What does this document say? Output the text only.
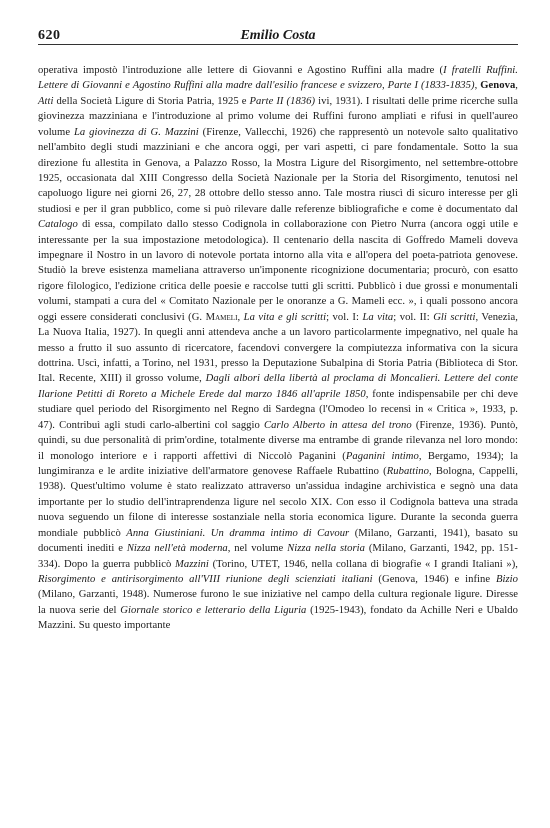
620	Emilio Costa

operativa impostò l'introduzione alle lettere di Giovanni e Agostino Ruffini alla madre (I fratelli Ruffini. Lettere di Giovanni e Agostino Ruffini alla madre dall'esilio francese e svizzero, Parte I (1833-1835), Genova, Atti della Società Ligure di Storia Patria, 1925 e Parte II (1836) ivi, 1931). I risultati delle prime ricerche sulla giovinezza mazziniana e l'introduzione al primo volume dei Ruffini furono ampliati e rifusi in quell'aureo volume La giovinezza di G. Mazzini (Firenze, Vallecchi, 1926) che rappresentò un notevole salto qualitativo nell'ambito degli studi mazziniani e che ancora oggi, per vari aspetti, ci pare fondamentale. Sotto la sua direzione fu allestita in Genova, a Palazzo Rosso, la Mostra Ligure del Risorgimento, nel settembre-ottobre 1925, occasionata dal XIII Congresso della Società Nazionale per la Storia del Risorgimento, tenutosi nel capoluogo ligure nei giorni 26, 27, 28 ottobre dello stesso anno. Tale mostra riuscì di sicuro interesse per gli studiosi e per il gran pubblico, come si può rilevare dalle referenze bibliografiche e come è documentato dal Catalogo di essa, compilato dallo stesso Codignola in collaborazione con Pietro Nurra (ancora oggi utile e interessante per la sua impostazione metodologica). Il centenario della nascita di Goffredo Mameli doveva impegnare il Nostro in un lavoro di notevole portata intorno alla vita e all'opera del poeta-patriota genovese. Studiò la breve esistenza mameliana attraverso un'imponente ricognizione documentaria; procurò, con esatto rigore filologico, l'edizione critica delle poesie e raccolse tutti gli scritti. Pubblicò i due grossi e monumentali volumi, stampati a cura del « Comitato Nazionale per le onoranze a G. Mameli ecc. », i quali possono ancora oggi essere considerati conclusivi (G. Mameli, La vita e gli scritti; vol. I: La vita; vol. II: Gli scritti, Venezia, La Nuova Italia, 1927). In quegli anni attendeva anche a un lavoro particolarmente impegnativo, nel quale ha messo a frutto il suo assunto di ricercatore, facendovi convergere la compiutezza informativa con la sicura dottrina. Uscì, infatti, a Torino, nel 1931, presso la Deputazione Subalpina di Storia Patria (Biblioteca di Stor. Ital. Recente, XIII) il grosso volume, Dagli albori della libertà al proclama di Moncalieri. Lettere del conte Ilarione Petitti di Roreto a Michele Erede dal marzo 1846 all'aprile 1850, fonte indispensabile per chi deve studiare quel periodo del Risorgimento nel Regno di Sardegna (l'Omodeo lo recensì in « Critica », 1933, p. 47). Contribuì agli studi carlo-albertini col saggio Carlo Alberto in attesa del trono (Firenze, 1936). Puntò, quindi, su due personalità di prim'ordine, totalmente diverse ma entrambe di grande rilevanza nel loro mondo: il monologo interiore e i rapporti affettivi di Niccolò Paganini (Paganini intimo, Bergamo, 1934); la lungimiranza e le ardite iniziative dell'armatore genovese Raffaele Rubattino (Rubattino, Bologna, Cappelli, 1938). Quest'ultimo volume è stato realizzato attraverso un'assidua indagine archivistica e segnò una data importante per lo studio dell'intraprendenza ligure nel secolo XIX. Con esso il Codignola batteva una strada nuova seguendo un filone di interesse sostanziale nella storia economica ligure. Durante la seconda guerra mondiale pubblicò Anna Giustiniani. Un dramma intimo di Cavour (Milano, Garzanti, 1941), basato su documenti inediti e Nizza nell'età moderna, nel volume Nizza nella storia (Milano, Garzanti, 1942, pp. 151-334). Dopo la guerra pubblicò Mazzini (Torino, UTET, 1946, nella collana di biografie « I grandi Italiani »), Risorgimento e antirisorgimento all'VIII riunione degli scienziati italiani (Genova, 1946) e infine Bizio (Milano, Garzanti, 1948). Numerose furono le sue iniziative nel campo della cultura regionale ligure. Diresse la nuova serie del Giornale storico e letterario della Liguria (1925-1943), fondato da Achille Neri e Ubaldo Mazzini. Su questo importante
